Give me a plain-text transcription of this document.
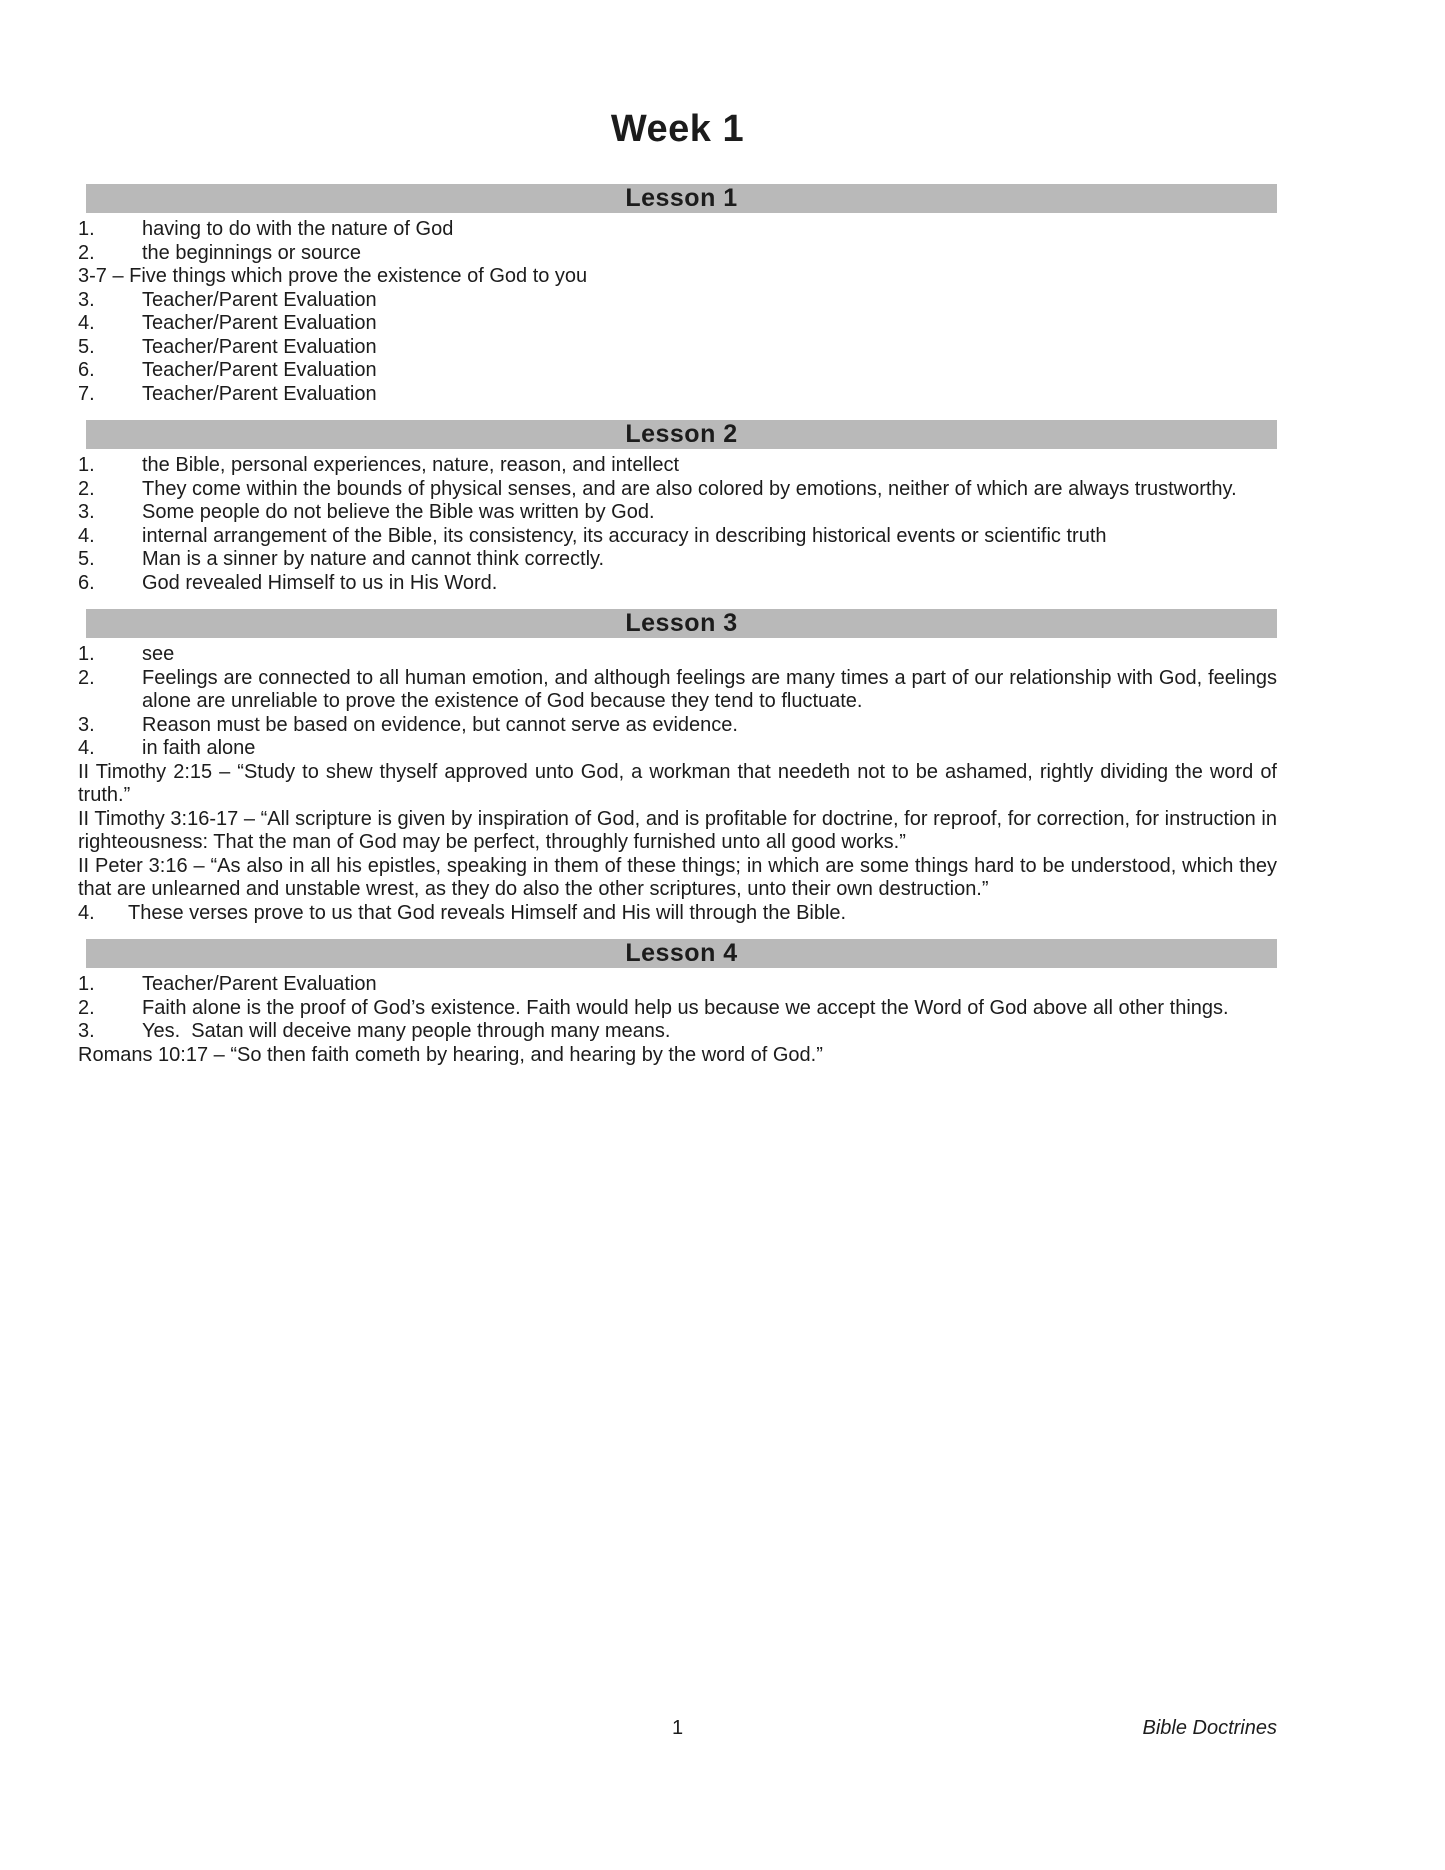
Week 1
Lesson 1
1. having to do with the nature of God
2. the beginnings or source
3-7 – Five things which prove the existence of God to you
3. Teacher/Parent Evaluation
4. Teacher/Parent Evaluation
5. Teacher/Parent Evaluation
6. Teacher/Parent Evaluation
7. Teacher/Parent Evaluation
Lesson 2
1. the Bible, personal experiences, nature, reason, and intellect
2. They come within the bounds of physical senses, and are also colored by emotions, neither of which are always trustworthy.
3. Some people do not believe the Bible was written by God.
4. internal arrangement of the Bible, its consistency, its accuracy in describing historical events or scientific truth
5. Man is a sinner by nature and cannot think correctly.
6. God revealed Himself to us in His Word.
Lesson 3
1. see
2. Feelings are connected to all human emotion, and although feelings are many times a part of our relationship with God, feelings alone are unreliable to prove the existence of God because they tend to fluctuate.
3. Reason must be based on evidence, but cannot serve as evidence.
4. in faith alone
II Timothy 2:15 – “Study to shew thyself approved unto God, a workman that needeth not to be ashamed, rightly dividing the word of truth.”
II Timothy 3:16-17 – “All scripture is given by inspiration of God, and is profitable for doctrine, for reproof, for correction, for instruction in righteousness: That the man of God may be perfect, throughly furnished unto all good works.”
II Peter 3:16 – “As also in all his epistles, speaking in them of these things; in which are some things hard to be understood, which they that are unlearned and unstable wrest, as they do also the other scriptures, unto their own destruction.”
4. These verses prove to us that God reveals Himself and His will through the Bible.
Lesson 4
1. Teacher/Parent Evaluation
2. Faith alone is the proof of God’s existence. Faith would help us because we accept the Word of God above all other things.
3. Yes.  Satan will deceive many people through many means.
Romans 10:17 – “So then faith cometh by hearing, and hearing by the word of God.”
1	Bible Doctrines
